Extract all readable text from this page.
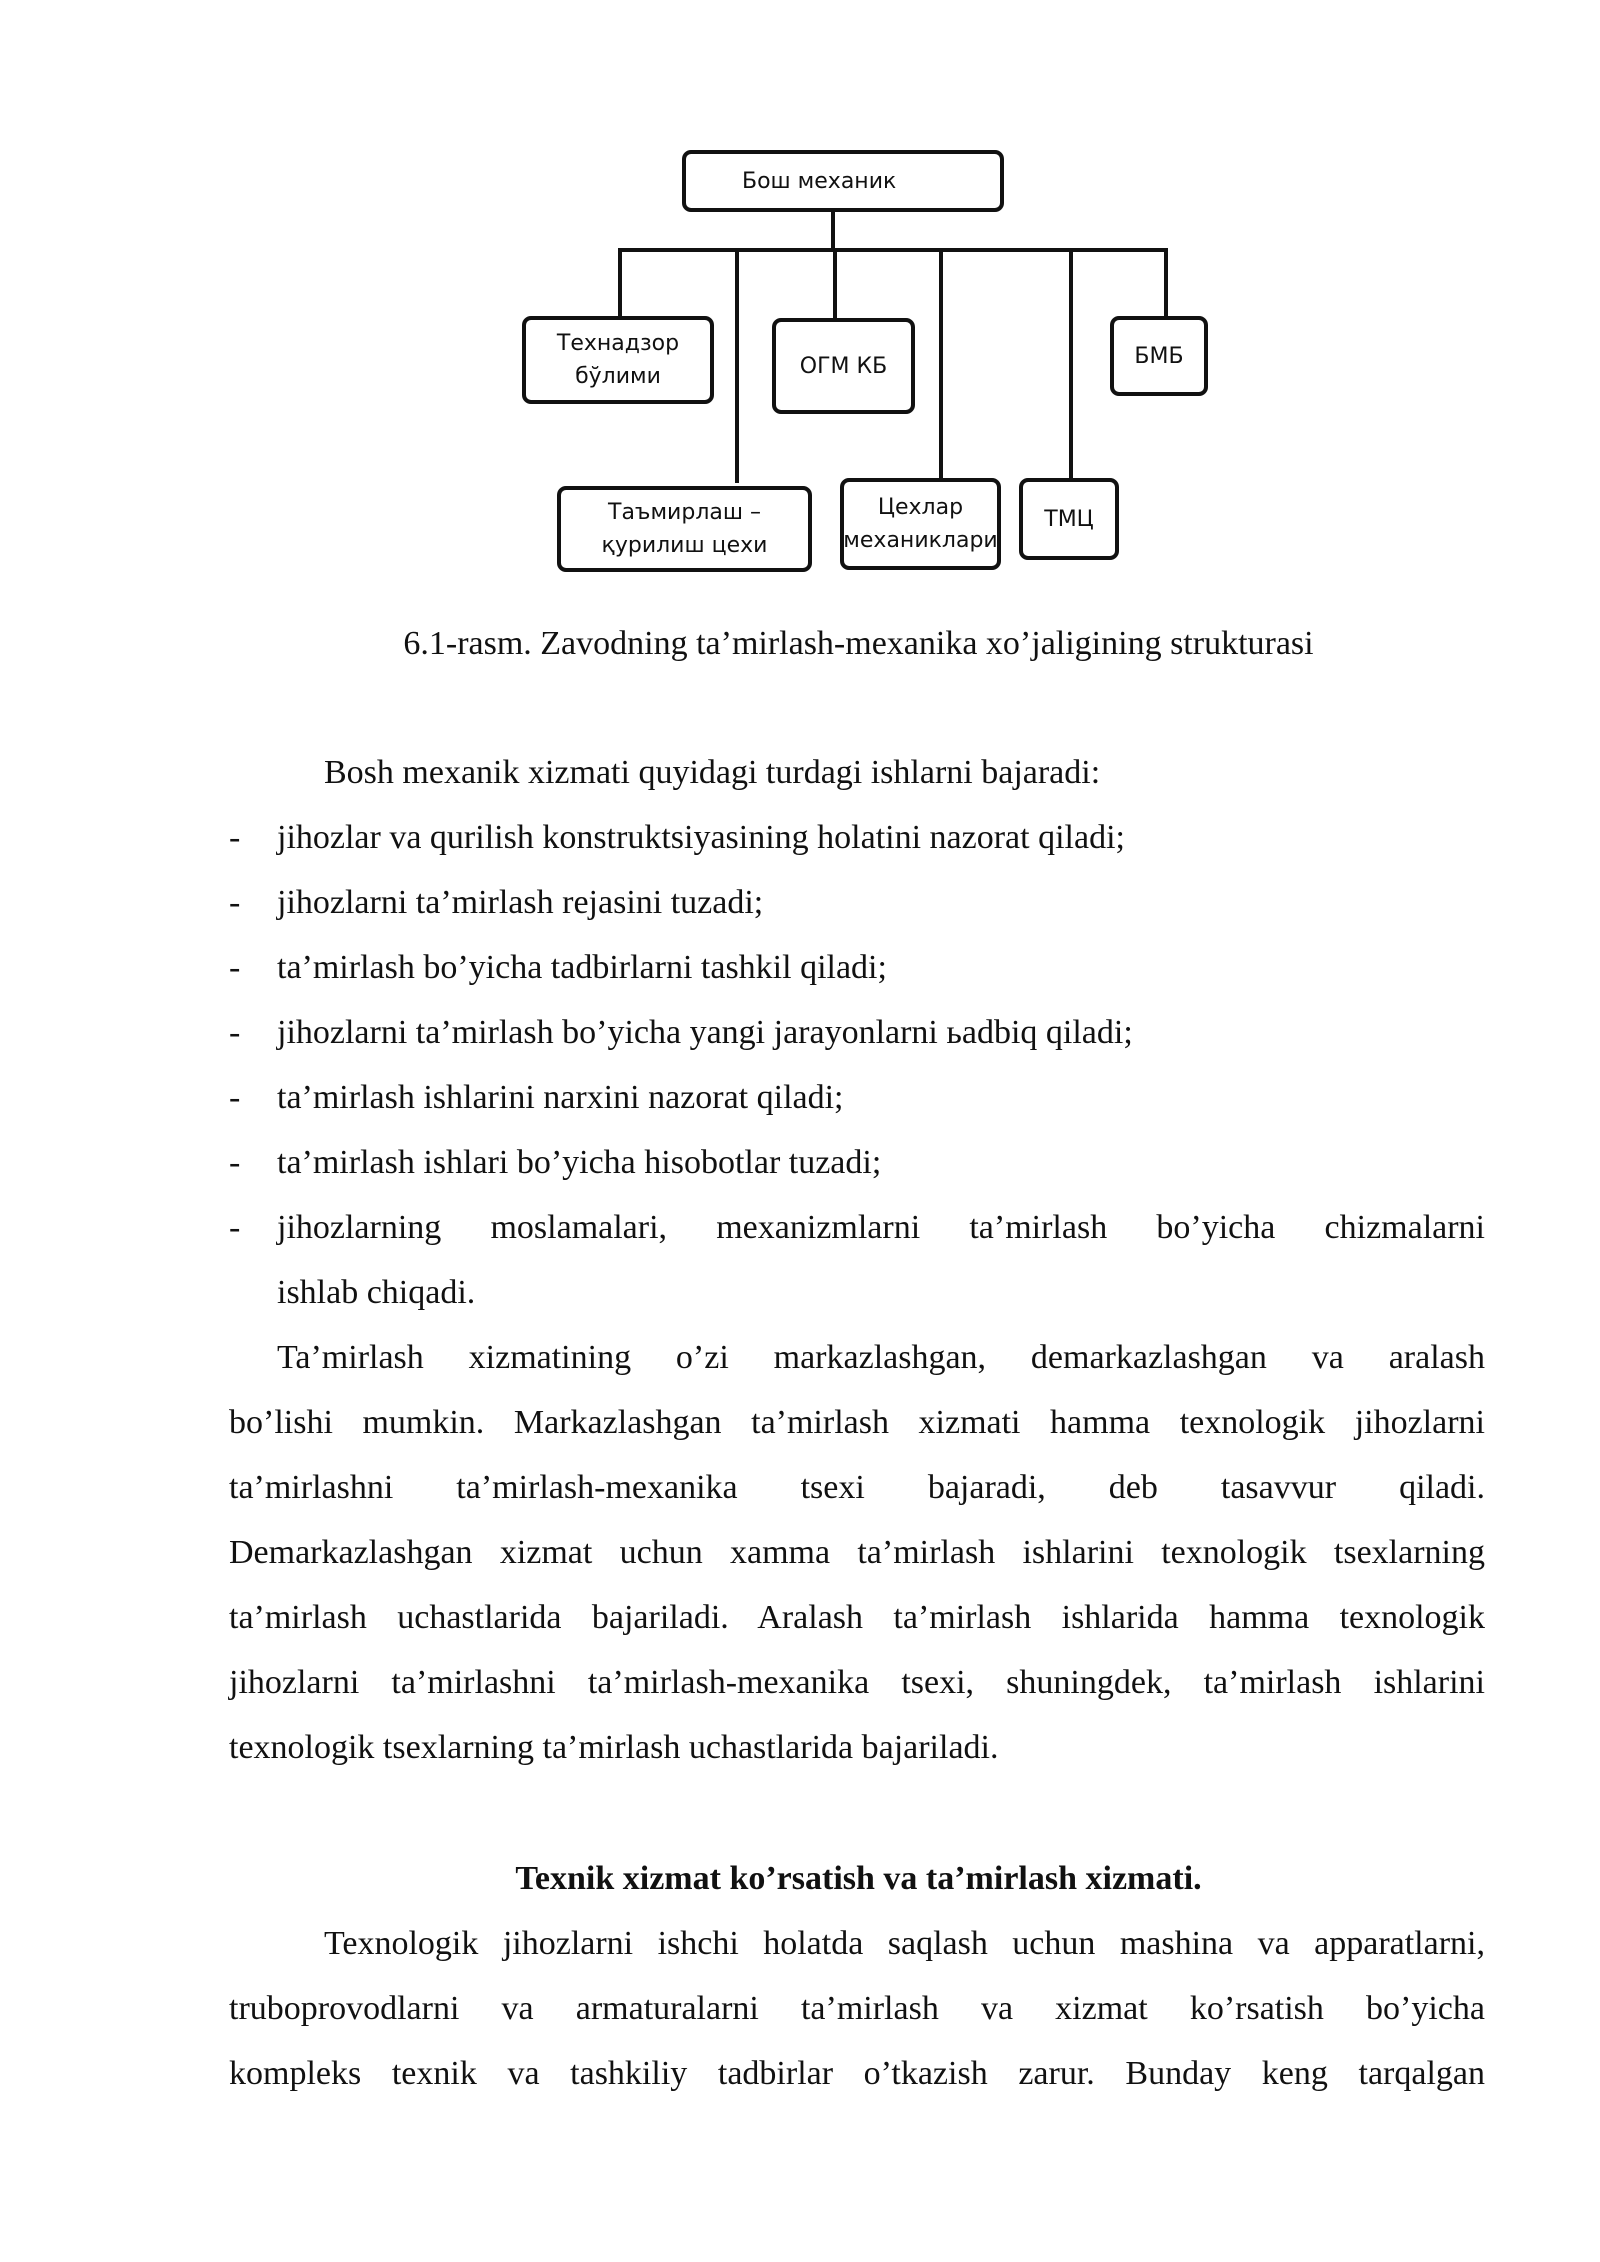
Бош механик
Технадзор
бўлими	ОГМ КБ	БМБ
Таъмирлаш –
қурилиш цехи
Цехлар
механиклари
ТМЦ
6.1-rasm. Zavodning ta’mirlash-mexanika xo’jaligining strukturasi

Bosh mexanik xizmati quyidagi turdagi ishlarni bajaradi:

- jihozlar va qurilish konstruktsiyasining holatini nazorat qiladi;
- jihozlarni ta’mirlash rejasini tuzadi;
- ta’mirlash bo’yicha tadbirlarni tashkil qiladi;
- jihozlarni ta’mirlash bo’yicha yangi jarayonlarni ьadbiq qiladi;
- ta’mirlash ishlarini narxini nazorat qiladi;
- ta’mirlash ishlari bo’yicha hisobotlar tuzadi;
- jihozlarning moslamalari, mexanizmlarni ta’mirlash bo’yicha chizmalarni
ishlab chiqadi.
Ta’mirlash xizmatining o’zi markazlashgan, demarkazlashgan va aralash
bo’lishi mumkin. Markazlashgan ta’mirlash xizmati hamma texnologik jihozlarni
ta’mirlashni ta’mirlash-mexanika tsexi bajaradi, deb tasavvur qiladi.
Demarkazlashgan xizmat uchun xamma ta’mirlash ishlarini texnologik tsexlarning
ta’mirlash uchastlarida bajariladi. Aralash ta’mirlash ishlarida hamma texnologik
jihozlarni ta’mirlashni ta’mirlash-mexanika tsexi, shuningdek, ta’mirlash ishlarini
texnologik tsexlarning ta’mirlash uchastlarida bajariladi.
Texnik xizmat ko’rsatish va ta’mirlash xizmati.
Texnologik jihozlarni ishchi holatda saqlash uchun mashina va apparatlarni,
truboprovodlarni va armaturalarni ta’mirlash va xizmat ko’rsatish bo’yicha
kompleks texnik va tashkiliy tadbirlar o’tkazish zarur. Bunday keng tarqalgan
